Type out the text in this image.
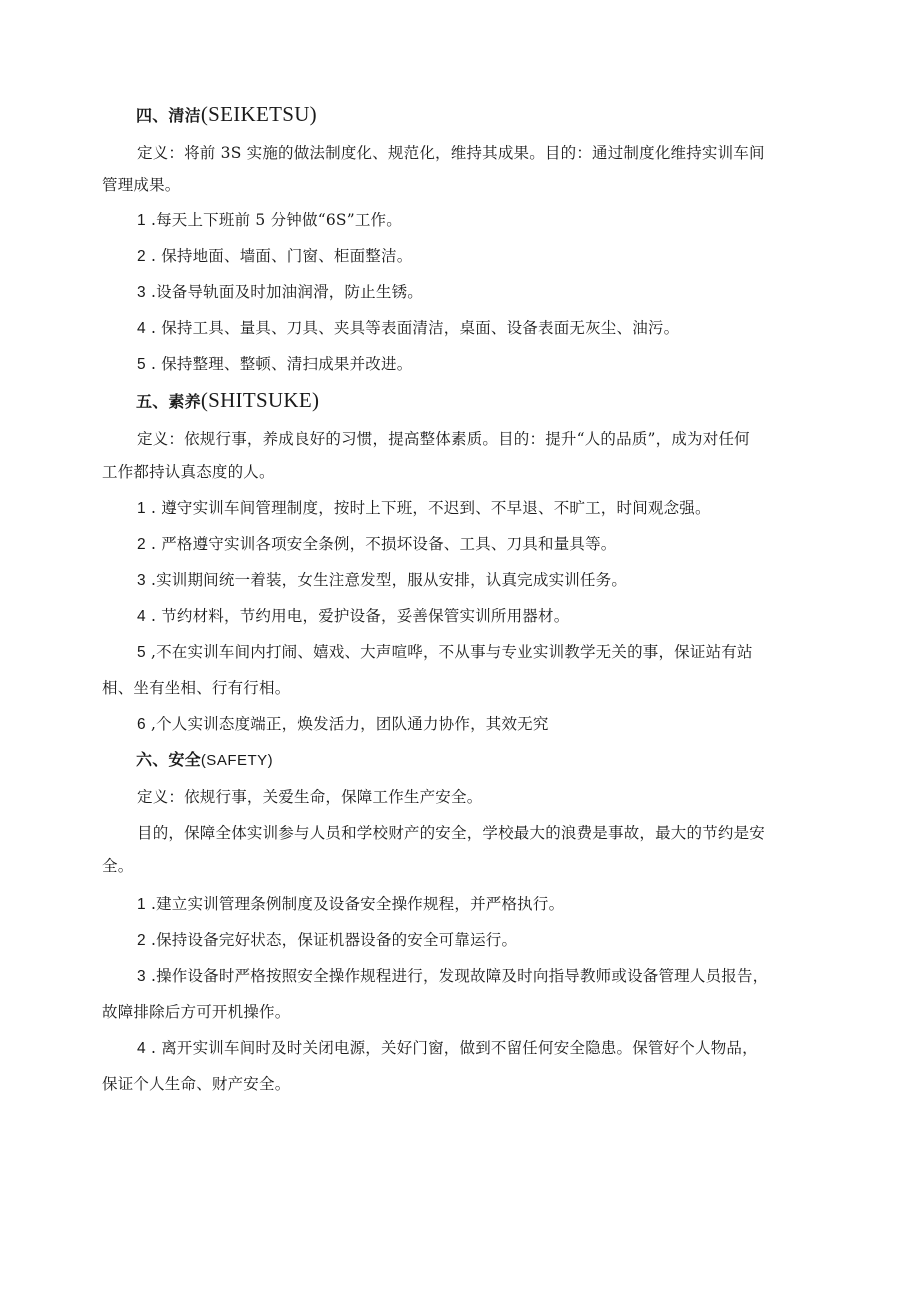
四、清洁(SEIKETSU)
定义：将前 3S 实施的做法制度化、规范化，维持其成果。目的：通过制度化维持实训车间
管理成果。
1 .每天上下班前 5 分钟做“6S”工作。
2 . 保持地面、墙面、门窗、柜面整洁。
3 .设备导轨面及时加油润滑，防止生锈。
4 . 保持工具、量具、刀具、夹具等表面清洁，桌面、设备表面无灰尘、油污。
5 . 保持整理、整顿、清扫成果并改进。
五、素养(SHITSUKE)
定义：依规行事，养成良好的习惯，提高整体素质。目的：提升“人的品质”，成为对任何
工作都持认真态度的人。
1 . 遵守实训车间管理制度，按时上下班，不迟到、不早退、不旷工，时间观念强。
2 . 严格遵守实训各项安全条例，不损坏设备、工具、刀具和量具等。
3 .实训期间统一着装，女生注意发型，服从安排，认真完成实训任务。
4 . 节约材料，节约用电，爱护设备，妥善保管实训所用器材。
5 ,不在实训车间内打闹、嬉戏、大声喧哗，不从事与专业实训教学无关的事，保证站有站
相、坐有坐相、行有行相。
6 ,个人实训态度端正，焕发活力，团队通力协作，其效无究
六、安全(SAFETY)
定义：依规行事，关爱生命，保障工作生产安全。
目的，保障全体实训参与人员和学校财产的安全，学校最大的浪费是事故，最大的节约是安
全。
1 .建立实训管理条例制度及设备安全操作规程，并严格执行。
2 .保持设备完好状态，保证机器设备的安全可靠运行。
3 .操作设备时严格按照安全操作规程进行，发现故障及时向指导教师或设备管理人员报告，
故障排除后方可开机操作。
4 . 离开实训车间时及时关闭电源，关好门窗，做到不留任何安全隐患。保管好个人物品，
保证个人生命、财产安全。
